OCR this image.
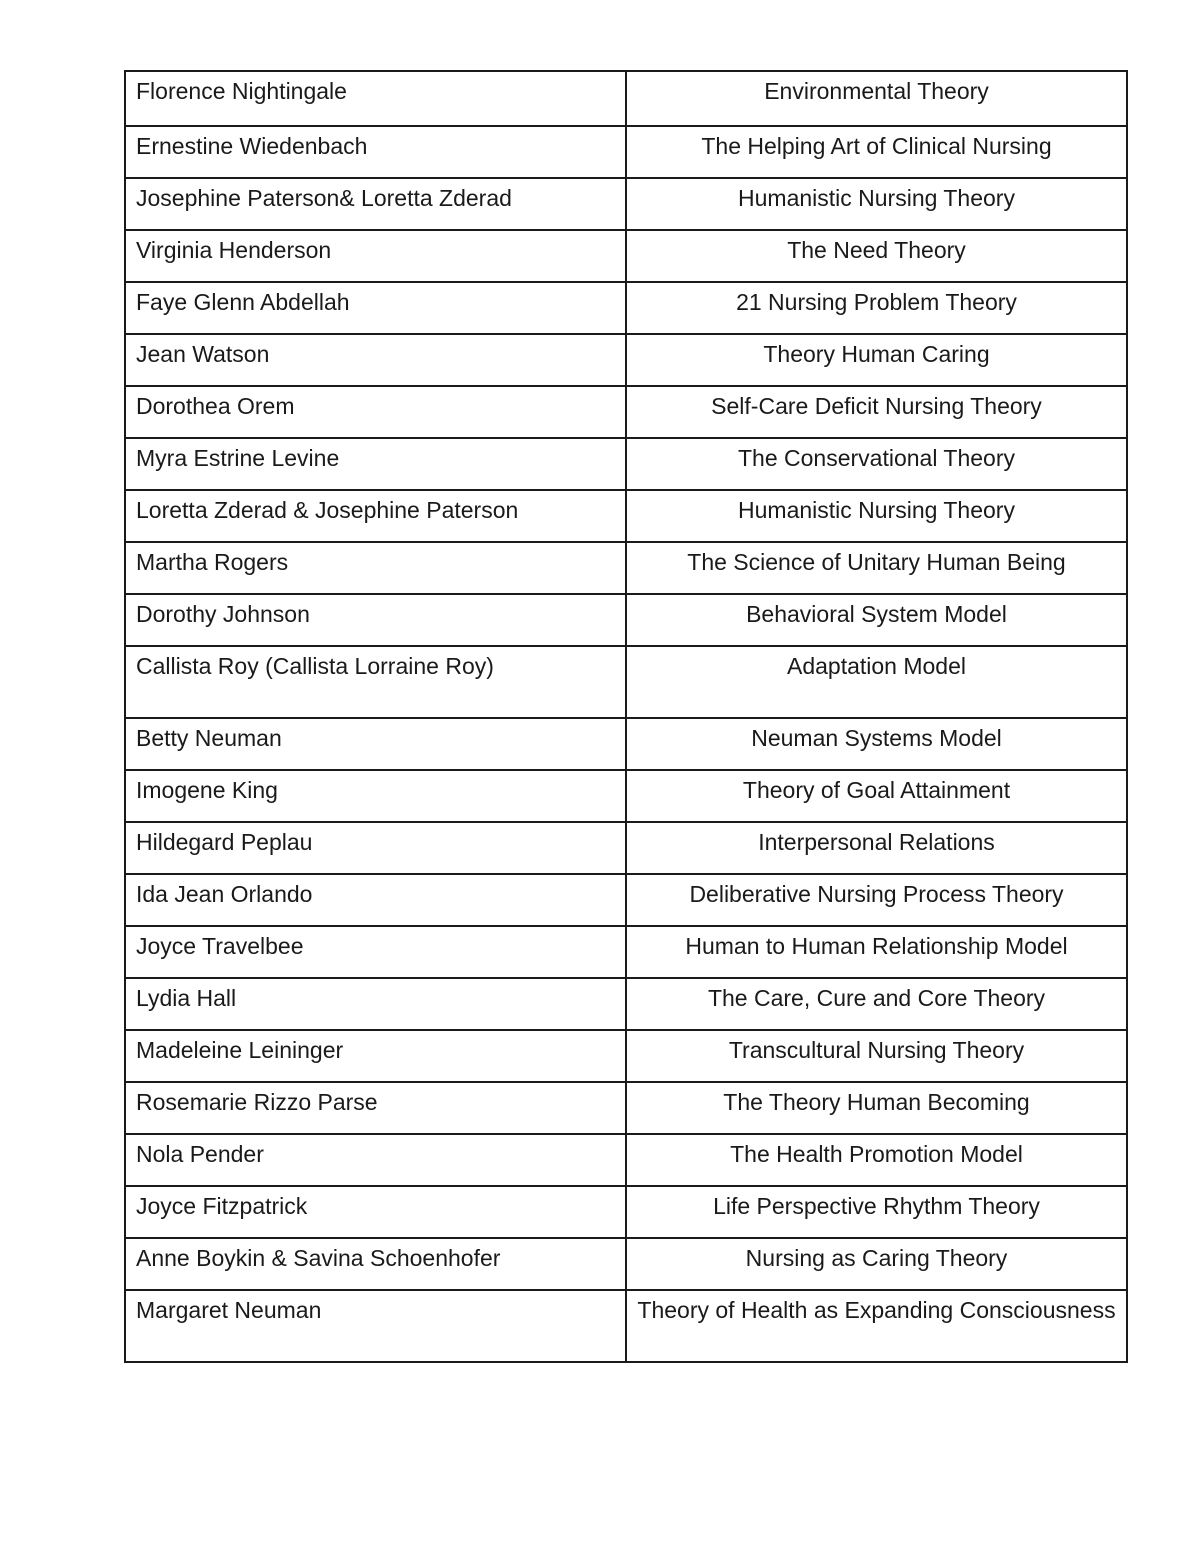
Florence Nightingale	Environmental Theory
Ernestine Wiedenbach	The Helping Art of Clinical Nursing
Josephine Paterson& Loretta Zderad	Humanistic Nursing Theory
Virginia Henderson	The Need Theory
Faye Glenn Abdellah	21 Nursing Problem Theory
Jean Watson	Theory Human Caring
Dorothea Orem	Self-Care Deficit Nursing Theory
Myra Estrine Levine	The Conservational Theory
Loretta Zderad & Josephine Paterson	Humanistic Nursing Theory
Martha Rogers	The Science of Unitary Human Being
Dorothy Johnson	Behavioral System Model
Callista Roy (Callista Lorraine Roy)	Adaptation Model
Betty Neuman	Neuman Systems Model
Imogene King	Theory of Goal Attainment
Hildegard Peplau	Interpersonal Relations
Ida Jean Orlando	Deliberative Nursing Process Theory
Joyce Travelbee	Human to Human Relationship Model
Lydia Hall	The Care, Cure and Core Theory
Madeleine Leininger	Transcultural Nursing Theory
Rosemarie Rizzo Parse	The Theory Human Becoming
Nola Pender	The Health Promotion Model
Joyce Fitzpatrick	Life Perspective Rhythm Theory
Anne Boykin & Savina Schoenhofer	Nursing as Caring Theory
Margaret Neuman	Theory of Health as Expanding Consciousness
